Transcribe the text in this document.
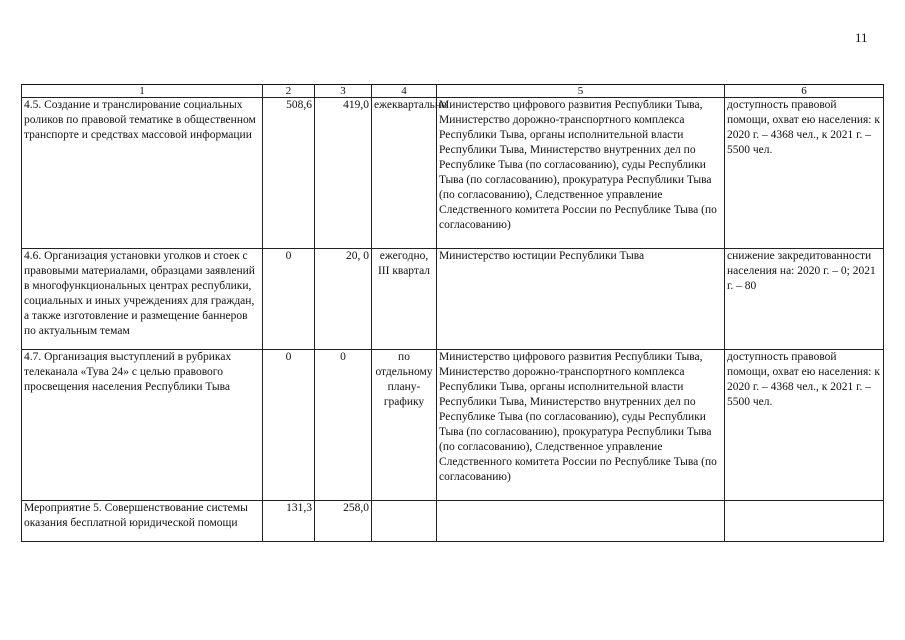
11
1	2	3	4	5	6
4.5. Создание и транслирование социальных роликов по правовой тематике в общественном транспорте и средствах массовой информации	508,6	419,0	ежеквартально	Министерство цифрового развития Республики Тыва, Министерство дорожно-транспортного комплекса Республики Тыва, органы исполнительной власти Республики Тыва, Министерство внутренних дел по Республике Тыва (по согласованию), суды Республики Тыва (по согласованию), прокуратура Республики Тыва (по согласованию), Следственное управление Следственного комитета России по Республике Тыва (по согласованию)	доступность правовой помощи, охват ею населения: к 2020 г. – 4368 чел., к 2021 г. – 5500 чел.
4.6. Организация установки уголков и стоек с правовыми материалами, образцами заявлений в многофункциональных центрах республики, социальных и иных учреждениях для граждан, а также изготовление и размещение баннеров по актуальным темам	0	20, 0	ежегодно, III квартал	Министерство юстиции Республики Тыва	снижение закредитованности населения на: 2020 г. – 0; 2021 г. – 80
4.7. Организация выступлений в рубриках телеканала «Тува 24» с целью правового просвещения населения Республики Тыва	0	0	по отдельному плану-графику	Министерство цифрового развития Республики Тыва, Министерство дорожно-транспортного комплекса Республики Тыва, органы исполнительной власти Республики Тыва, Министерство внутренних дел по Республике Тыва (по согласованию), суды Республики Тыва (по согласованию), прокуратура Республики Тыва (по согласованию), Следственное управление Следственного комитета России по Республике Тыва (по согласованию)	доступность правовой помощи, охват ею населения: к 2020 г. – 4368 чел., к 2021 г. – 5500 чел.
Мероприятие 5. Совершенствование системы оказания бесплатной юридической помощи	131,3	258,0			
